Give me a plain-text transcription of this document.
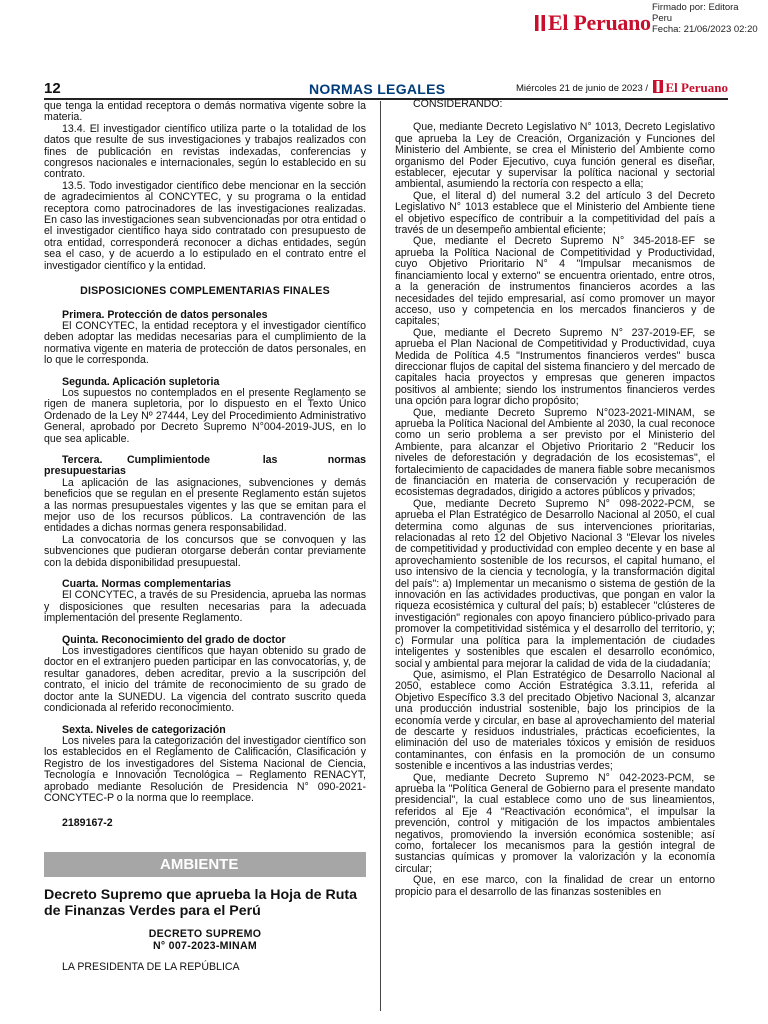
Firmado por: Editora
Peru
Fecha: 21/06/2023 02:20
El Peruano
12	NORMAS LEGALES	Miércoles 21 de junio de 2023 /	El Peruano

que tenga la entidad receptora o demás normativa vigente sobre la materia.

13.4. El investigador científico utiliza parte o la totalidad de los datos que resulte de sus investigaciones y trabajos realizados con fines de publicación en revistas indexadas, conferencias y congresos nacionales e internacionales, según lo establecido en su contrato.

13.5. Todo investigador científico debe mencionar en la sección de agradecimientos al CONCYTEC, y su programa o la entidad receptora como patrocinadores de las investigaciones realizadas. En caso las investigaciones sean subvencionadas por otra entidad o el investigador científico haya sido contratado con presupuesto de otra entidad, corresponderá reconocer a dichas entidades, según sea el caso, y de acuerdo a lo estipulado en el contrato entre el investigador científico y la entidad.

DISPOSICIONES COMPLEMENTARIAS FINALES
Primera. Protección de datos personales

El CONCYTEC, la entidad receptora y el investigador científico deben adoptar las medidas necesarias para el cumplimiento de la normativa vigente en materia de protección de datos personales, en lo que le corresponda.

Segunda. Aplicación supletoria

Los supuestos no contemplados en el presente Reglamento se rigen de manera supletoria, por lo dispuesto en el Texto Único Ordenado de la Ley Nº 27444, Ley del Procedimiento Administrativo General, aprobado por Decreto Supremo N°004-2019-JUS, en lo que sea aplicable.

Tercera.	Cumplimiento de	las	normas
presupuestarias

La aplicación de las asignaciones, subvenciones y demás beneficios que se regulan en el presente Reglamento están sujetos a las normas presupuestales vigentes y las que se emitan para el mejor uso de los recursos públicos. La contravención de las entidades a dichas normas genera responsabilidad.

La convocatoria de los concursos que se convoquen y las subvenciones que pudieran otorgarse deberán contar previamente con la debida disponibilidad presupuestal.

Cuarta. Normas complementarias

El CONCYTEC, a través de su Presidencia, aprueba las normas y disposiciones que resulten necesarias para la adecuada implementación del presente Reglamento.

Quinta. Reconocimiento del grado de doctor

Los investigadores científicos que hayan obtenido su grado de doctor en el extranjero pueden participar en las convocatorias, y, de resultar ganadores, deben acreditar, previo a la suscripción del contrato, el inicio del trámite de reconocimiento de su grado de doctor ante la SUNEDU. La vigencia del contrato suscrito queda condicionada al referido reconocimiento.

Sexta. Niveles de categorización

Los niveles para la categorización del investigador científico son los establecidos en el Reglamento de Calificación, Clasificación y Registro de los investigadores del Sistema Nacional de Ciencia, Tecnología e Innovación Tecnológica – Reglamento RENACYT, aprobado mediante Resolución de Presidencia N° 090-2021-CONCYTEC-P o la norma que lo reemplace.

2189167-2
AMBIENTE
Decreto Supremo que aprueba la Hoja de Ruta de Finanzas Verdes para el Perú
DECRETO SUPREMO
N° 007-2023-MINAM
LA PRESIDENTA DE LA REPÚBLICA
CONSIDERANDO:

Que, mediante Decreto Legislativo N° 1013, Decreto Legislativo que aprueba la Ley de Creación, Organización y Funciones del Ministerio del Ambiente, se crea el Ministerio del Ambiente como organismo del Poder Ejecutivo, cuya función general es diseñar, establecer, ejecutar y supervisar la política nacional y sectorial ambiental, asumiendo la rectoría con respecto a ella;

Que, el literal d) del numeral 3.2 del artículo 3 del Decreto Legislativo N° 1013 establece que el Ministerio del Ambiente tiene el objetivo específico de contribuir a la competitividad del país a través de un desempeño ambiental eficiente;

Que, mediante el Decreto Supremo N° 345-2018-EF se aprueba la Política Nacional de Competitividad y Productividad, cuyo Objetivo Prioritario N° 4 "Impulsar mecanismos de financiamiento local y externo" se encuentra orientado, entre otros, a la generación de instrumentos financieros acordes a las necesidades del tejido empresarial, así como promover un mayor acceso, uso y competencia en los mercados financieros y de capitales;

Que, mediante el Decreto Supremo N° 237-2019-EF, se aprueba el Plan Nacional de Competitividad y Productividad, cuya Medida de Política 4.5 "Instrumentos financieros verdes" busca direccionar flujos de capital del sistema financiero y del mercado de capitales hacia proyectos y empresas que generen impactos positivos al ambiente; siendo los instrumentos financieros verdes una opción para lograr dicho propósito;

Que, mediante Decreto Supremo N°023-2021-MINAM, se aprueba la Política Nacional del Ambiente al 2030, la cual reconoce como un serio problema a ser previsto por el Ministerio del Ambiente, para alcanzar el Objetivo Prioritario 2 "Reducir los niveles de deforestación y degradación de los ecosistemas", el fortalecimiento de capacidades de manera fiable sobre mecanismos de financiación en materia de conservación y recuperación de ecosistemas degradados, dirigido a actores públicos y privados;

Que, mediante Decreto Supremo N° 098-2022-PCM, se aprueba el Plan Estratégico de Desarrollo Nacional al 2050, el cual determina como algunas de sus intervenciones prioritarias, relacionadas al reto 12 del Objetivo Nacional 3 "Elevar los niveles de competitividad y productividad con empleo decente y en base al aprovechamiento sostenible de los recursos, el capital humano, el uso intensivo de la ciencia y tecnología, y la transformación digital del país": a) Implementar un mecanismo o sistema de gestión de la innovación en las actividades productivas, que pongan en valor la riqueza ecosistémica y cultural del país; b) establecer "clústeres de investigación" regionales con apoyo financiero público-privado para promover la competitividad sistémica y el desarrollo del territorio, y; c) Formular una política para la implementación de ciudades inteligentes y sostenibles que escalen el desarrollo económico, social y ambiental para mejorar la calidad de vida de la ciudadanía;

Que, asimismo, el Plan Estratégico de Desarrollo Nacional al 2050, establece como Acción Estratégica 3.3.11, referida al Objetivo Específico 3.3 del precitado Objetivo Nacional 3, alcanzar una producción industrial sostenible, bajo los principios de la economía verde y circular, en base al aprovechamiento del material de descarte y residuos industriales, prácticas ecoeficientes, la eliminación del uso de materiales tóxicos y emisión de residuos contaminantes, con énfasis en la promoción de un consumo sostenible e incentivos a las industrias verdes;

Que, mediante Decreto Supremo N° 042-2023-PCM, se aprueba la "Política General de Gobierno para el presente mandato presidencial", la cual establece como uno de sus lineamientos, referidos al Eje 4 "Reactivación económica", el impulsar la prevención, control y mitigación de los impactos ambientales negativos, promoviendo la inversión económica sostenible; así como, fortalecer los mecanismos para la gestión integral de sustancias químicas y promover la valorización y la economía circular;

Que, en ese marco, con la finalidad de crear un entorno propicio para el desarrollo de las finanzas sostenibles en
